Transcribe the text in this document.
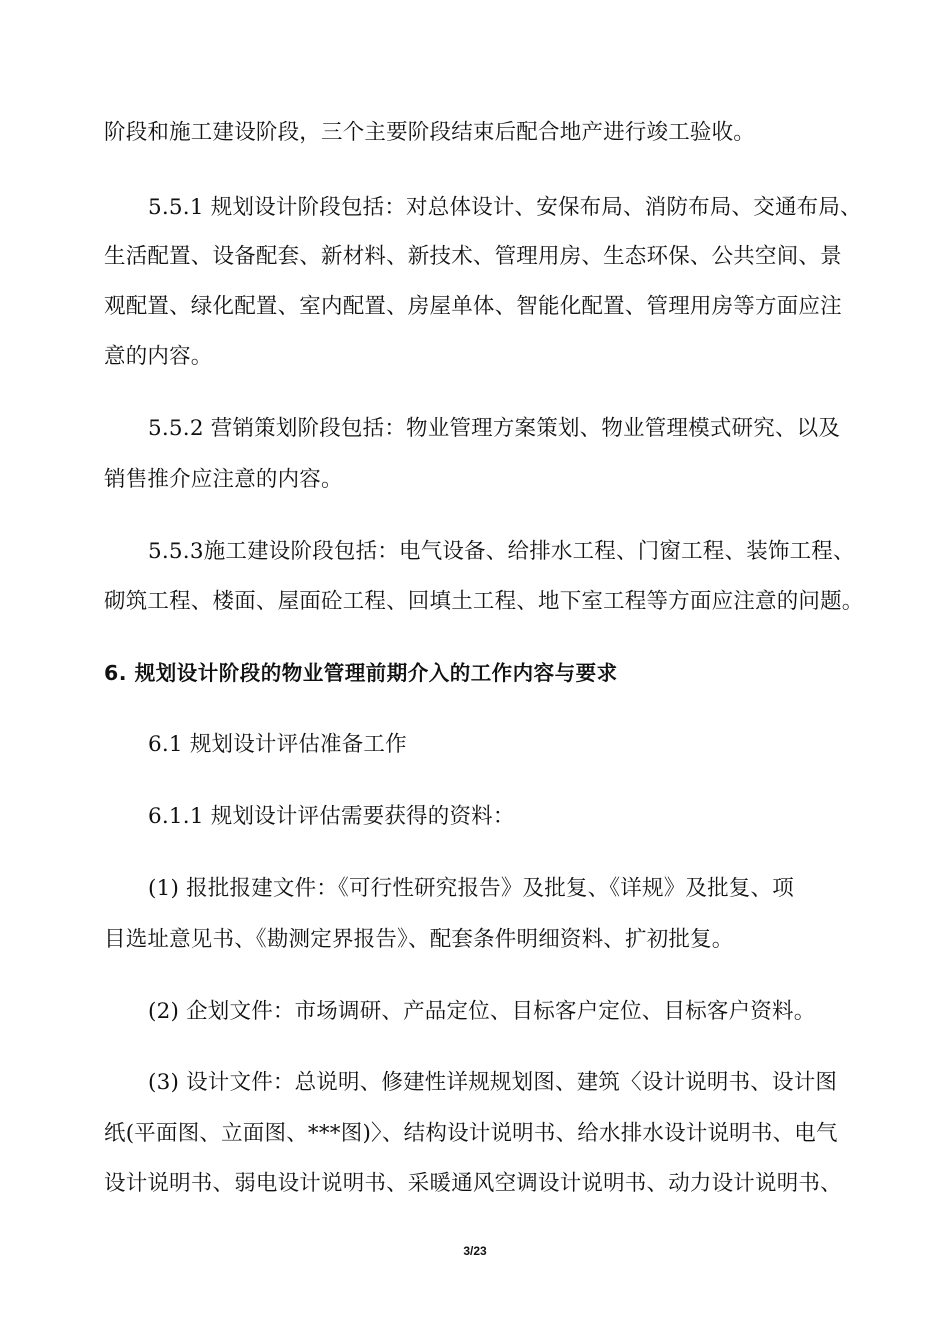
阶段和施工建设阶段，三个主要阶段结束后配合地产进行竣工验收。
5.5.1 规划设计阶段包括：对总体设计、安保布局、消防布局、交通布局、
生活配置、设备配套、新材料、新技术、管理用房、生态环保、公共空间、景
观配置、绿化配置、室内配置、房屋单体、智能化配置、管理用房等方面应注
意的内容。
5.5.2 营销策划阶段包括：物业管理方案策划、物业管理模式研究、以及
销售推介应注意的内容。
5.5.3施工建设阶段包括：电气设备、给排水工程、门窗工程、装饰工程、
砌筑工程、楼面、屋面砼工程、回填土工程、地下室工程等方面应注意的问题。
6. 规划设计阶段的物业管理前期介入的工作内容与要求
6.1 规划设计评估准备工作
6.1.1 规划设计评估需要获得的资料：
(1) 报批报建文件：《可行性研究报告》及批复、《详规》及批复、项
目选址意见书、《勘测定界报告》、配套条件明细资料、扩初批复。
(2) 企划文件：市场调研、产品定位、目标客户定位、目标客户资料。
(3) 设计文件：总说明、修建性详规规划图、建筑〈设计说明书、设计图
纸(平面图、立面图、***图)〉、结构设计说明书、给水排水设计说明书、电气
设计说明书、弱电设计说明书、采暖通风空调设计说明书、动力设计说明书、
3/23
